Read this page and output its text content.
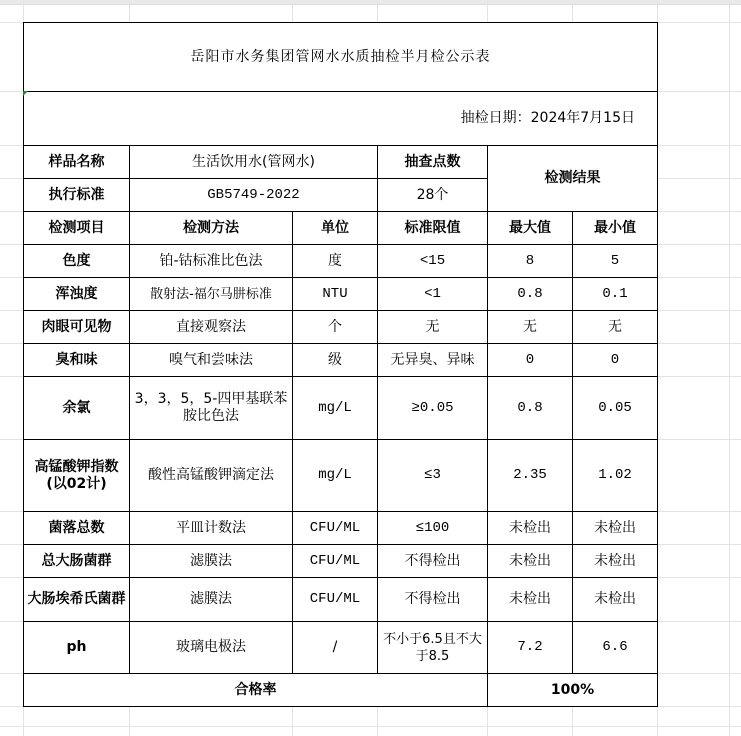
岳阳市水务集团管网水水质抽检半月检公示表					
抽检日期：2024年7月15日					
样品名称	生活饮用水(管网水)		抽查点数	检测结果	
执行标准	GB5749-2022		28个		
检测项目	检测方法	单位	标准限值	最大值	最小值
色度	铂-钴标准比色法	度	<15	8	5
浑浊度	散射法-福尔马肼标准	NTU	<1	0.8	0.1
肉眼可见物	直接观察法	个	无	无	无
臭和味	嗅气和尝味法	级	无异臭、异味	0	0
余氯	3，3，5，5-四甲基联苯胺比色法	mg/L	≥0.05	0.8	0.05
高锰酸钾指数(以02计)	酸性高锰酸钾滴定法	mg/L	≤3	2.35	1.02
菌落总数	平皿计数法	CFU/ML	≤100	未检出	未检出
总大肠菌群	滤膜法	CFU/ML	不得检出	未检出	未检出
大肠埃希氏菌群	滤膜法	CFU/ML	不得检出	未检出	未检出
ph	玻璃电极法	/	不小于6.5且不大于8.5	7.2	6.6
合格率				100%	
